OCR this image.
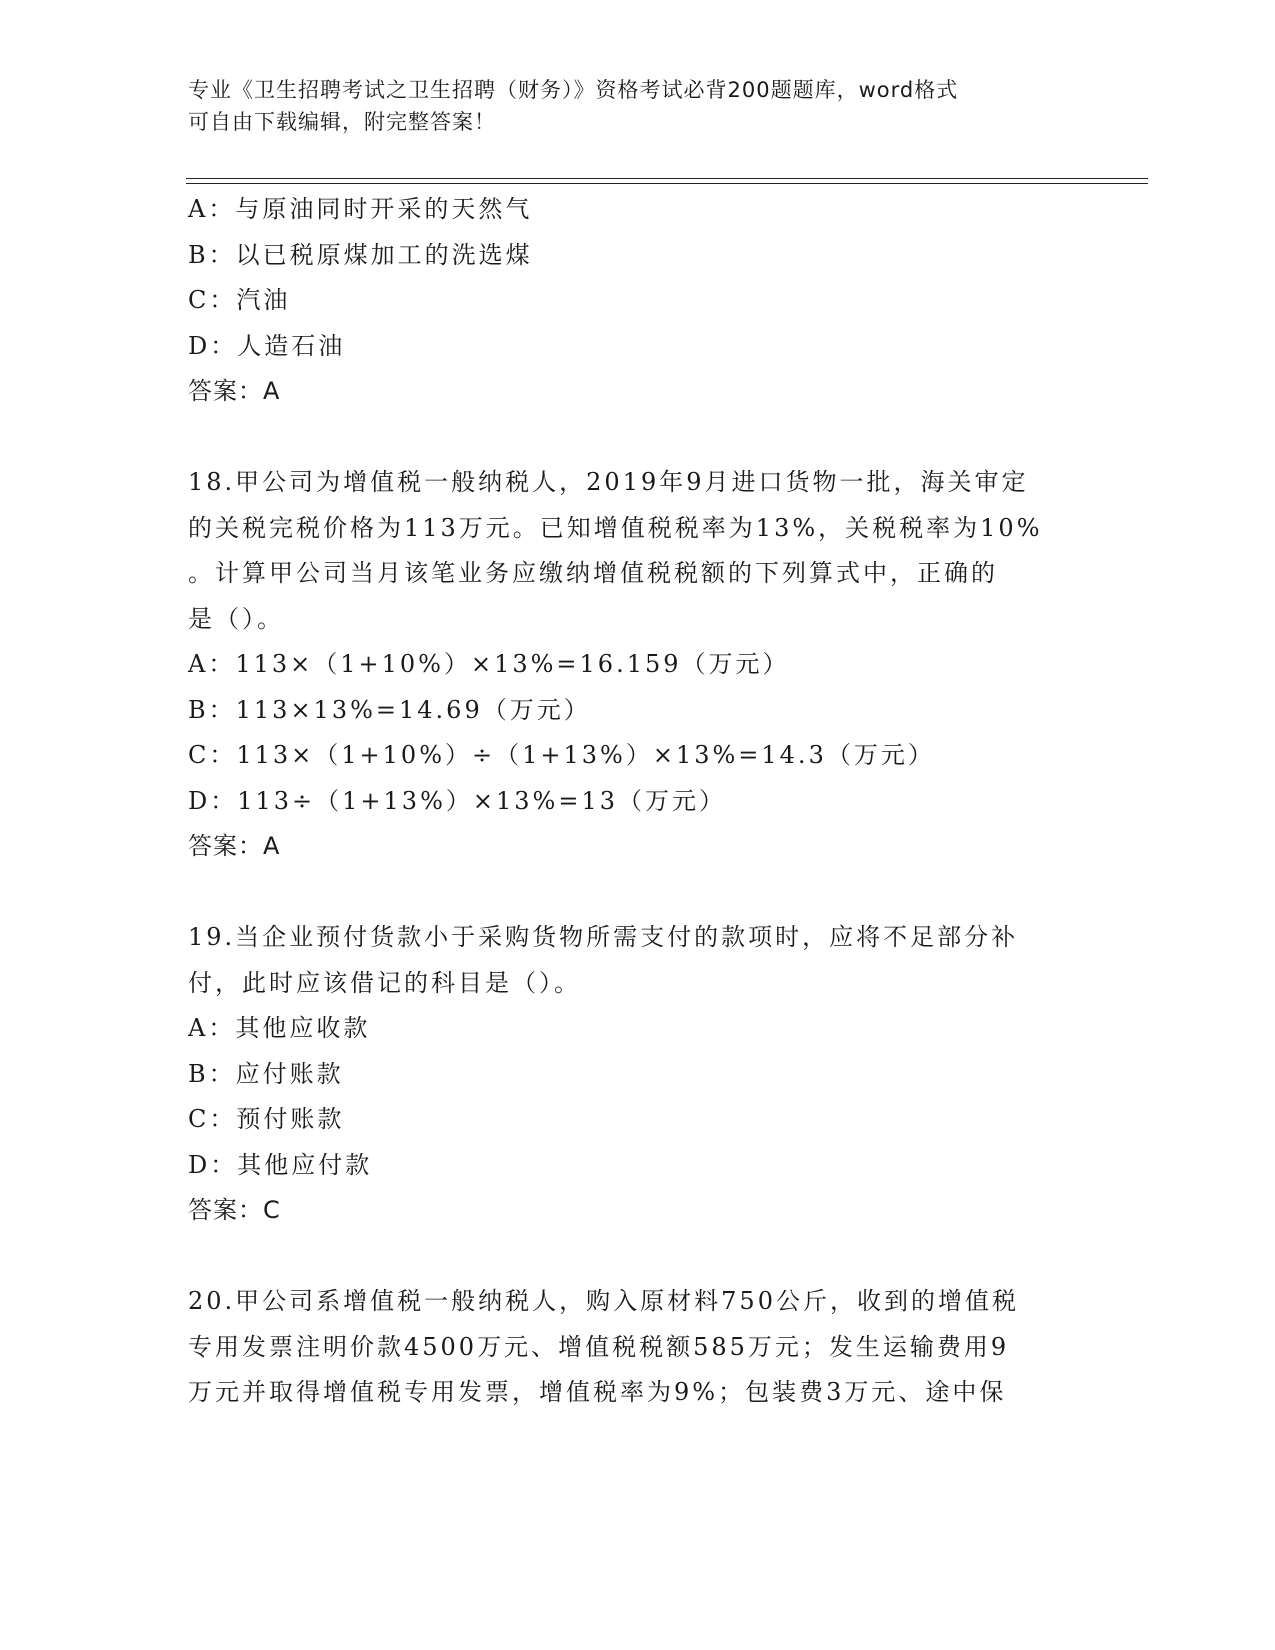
专业《卫生招聘考试之卫生招聘（财务）》资格考试必背200题题库，word格式
可自由下载编辑，附完整答案！
A：与原油同时开采的天然气
B：以已税原煤加工的洗选煤
C：汽油
D：人造石油
答案：A
18.甲公司为增值税一般纳税人，2019年9月进口货物一批，海关审定
的关税完税价格为113万元。已知增值税税率为13%，关税税率为10%
。计算甲公司当月该笔业务应缴纳增值税税额的下列算式中，正确的
是（）。
A：113×（1+10%）×13%=16.159（万元）
B：113×13%=14.69（万元）
C：113×（1+10%）÷（1+13%）×13%=14.3（万元）
D：113÷（1+13%）×13%=13（万元）
答案：A
19.当企业预付货款小于采购货物所需支付的款项时，应将不足部分补
付，此时应该借记的科目是（）。
A：其他应收款
B：应付账款
C：预付账款
D：其他应付款
答案：C
20.甲公司系增值税一般纳税人，购入原材料750公斤，收到的增值税
专用发票注明价款4500万元、增值税税额585万元；发生运输费用9
万元并取得增值税专用发票，增值税率为9%；包装费3万元、途中保
